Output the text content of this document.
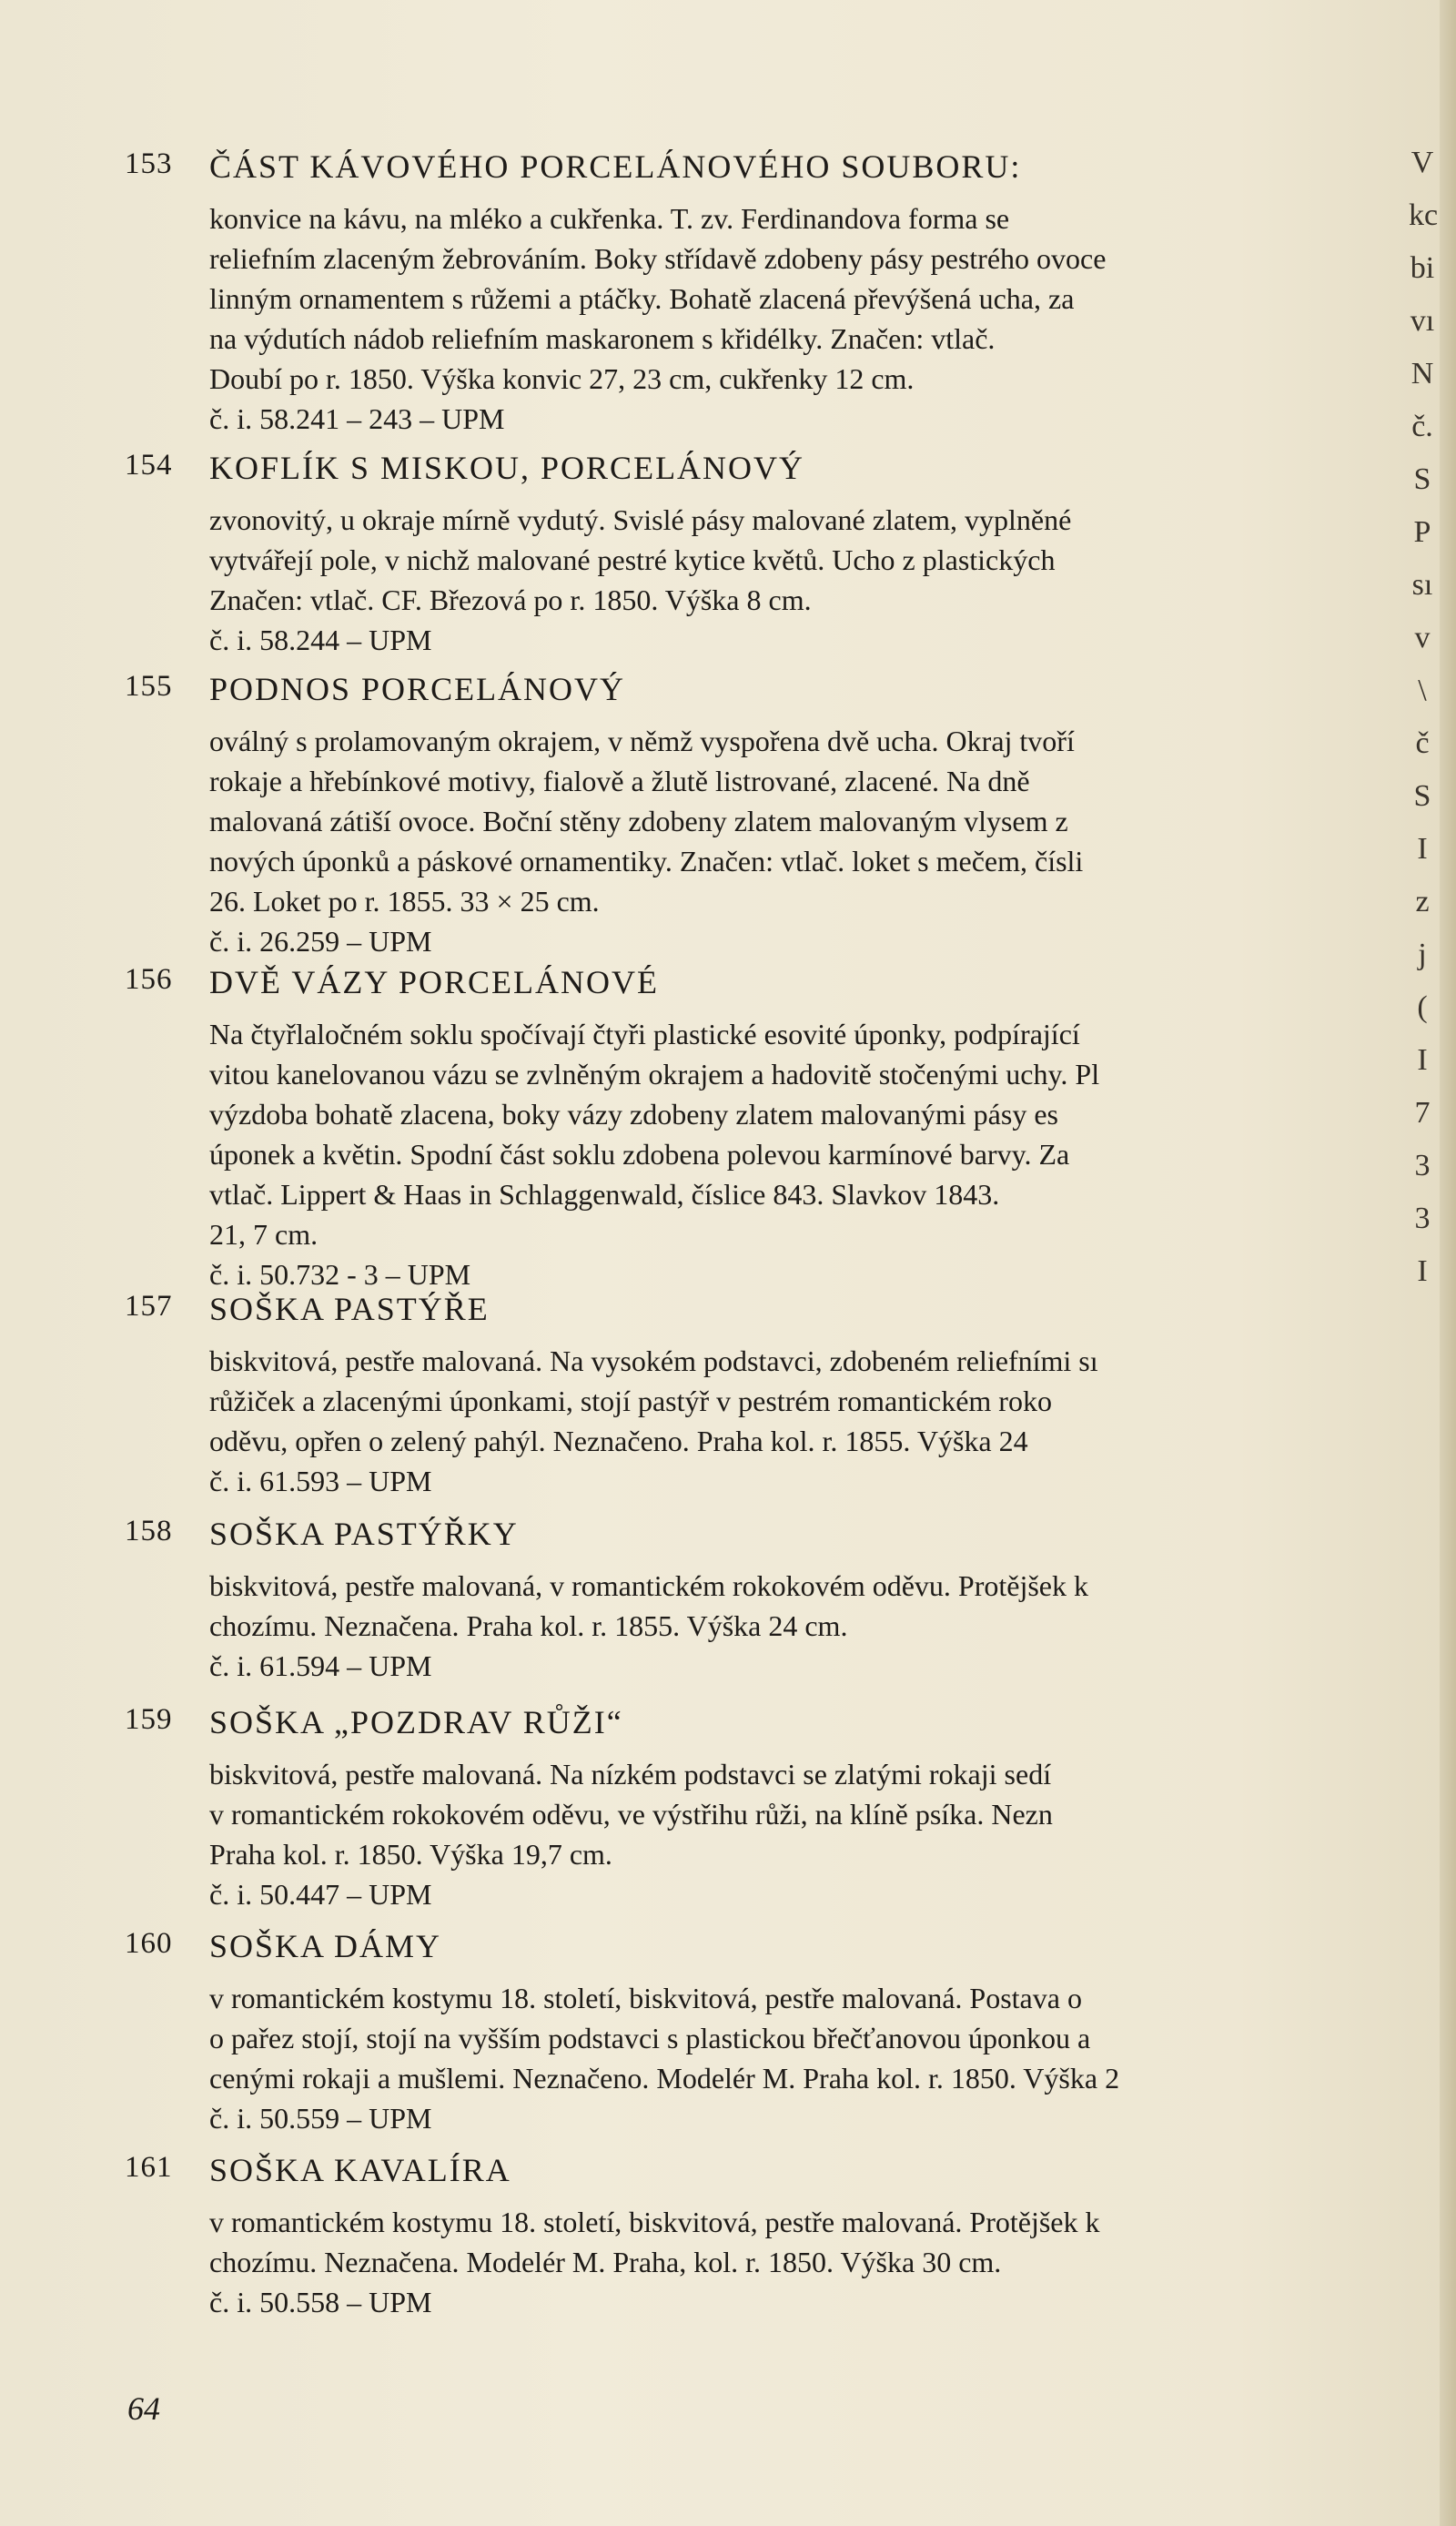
V
kc
bi
vı
N
č.
S
P
sı
v
\
č
S
I
z
j
(
I
7
3
3
I
153 ČÁST KÁVOVÉHO PORCELÁNOVÉHO SOUBORU:
konvice na kávu, na mléko a cukřenka. T. zv. Ferdinandova forma se
reliefním zlaceným žebrováním. Boky střídavě zdobeny pásy pestrého ovoce
linným ornamentem s růžemi a ptáčky. Bohatě zlacená převýšená ucha, za
na výdutích nádob reliefním maskaronem s křidélky. Značen: vtlač.
Doubí po r. 1850. Výška konvic 27, 23 cm, cukřenky 12 cm.
č. i. 58.241 – 243 – UPM
154 KOFLÍK S MISKOU, PORCELÁNOVÝ
zvonovitý, u okraje mírně vydutý. Svislé pásy malované zlatem, vyplněné
vytvářejí pole, v nichž malované pestré kytice květů. Ucho z plastických
Značen: vtlač. CF. Březová po r. 1850. Výška 8 cm.
č. i. 58.244 – UPM
155 PODNOS PORCELÁNOVÝ
oválný s prolamovaným okrajem, v němž vyspořena dvě ucha. Okraj tvoří
rokaje a hřebínkové motivy, fialově a žlutě listrované, zlacené. Na dně
malovaná zátiší ovoce. Boční stěny zdobeny zlatem malovaným vlysem z
nových úponků a páskové ornamentiky. Značen: vtlač. loket s mečem, čísli
26. Loket po r. 1855. 33 × 25 cm.
č. i. 26.259 – UPM
156 DVĚ VÁZY PORCELÁNOVÉ
Na čtyřlaločném soklu spočívají čtyři plastické esovité úponky, podpírající
vitou kanelovanou vázu se zvlněným okrajem a hadovitě stočenými uchy. Pl
výzdoba bohatě zlacena, boky vázy zdobeny zlatem malovanými pásy es
úponek a květin. Spodní část soklu zdobena polevou karmínové barvy. Za
vtlač. Lippert & Haas in Schlaggenwald, číslice 843. Slavkov 1843.
21, 7 cm.
č. i. 50.732 - 3 – UPM
157 SOŠKA PASTÝŘE
biskvitová, pestře malovaná. Na vysokém podstavci, zdobeném reliefními sı
růžiček a zlacenými úponkami, stojí pastýř v pestrém romantickém roko
oděvu, opřen o zelený pahýl. Neznačeno. Praha kol. r. 1855. Výška 24
č. i. 61.593 – UPM
158 SOŠKA PASTÝŘKY
biskvitová, pestře malovaná, v romantickém rokokovém oděvu. Protějšek k
chozímu. Neznačena. Praha kol. r. 1855. Výška 24 cm.
č. i. 61.594 – UPM
159 SOŠKA „POZDRAV RŮŽI“
biskvitová, pestře malovaná. Na nízkém podstavci se zlatými rokaji sedí
v romantickém rokokovém oděvu, ve výstřihu růži, na klíně psíka. Nezn
Praha kol. r. 1850. Výška 19,7 cm.
č. i. 50.447 – UPM
160 SOŠKA DÁMY
v romantickém kostymu 18. století, biskvitová, pestře malovaná. Postava o
o pařez stojí, stojí na vyšším podstavci s plastickou břečťanovou úponkou a
cenými rokaji a mušlemi. Neznačeno. Modelér M. Praha kol. r. 1850. Výška 2
č. i. 50.559 – UPM
161 SOŠKA KAVALÍRA
v romantickém kostymu 18. století, biskvitová, pestře malovaná. Protějšek k
chozímu. Neznačena. Modelér M. Praha, kol. r. 1850. Výška 30 cm.
č. i. 50.558 – UPM
64
